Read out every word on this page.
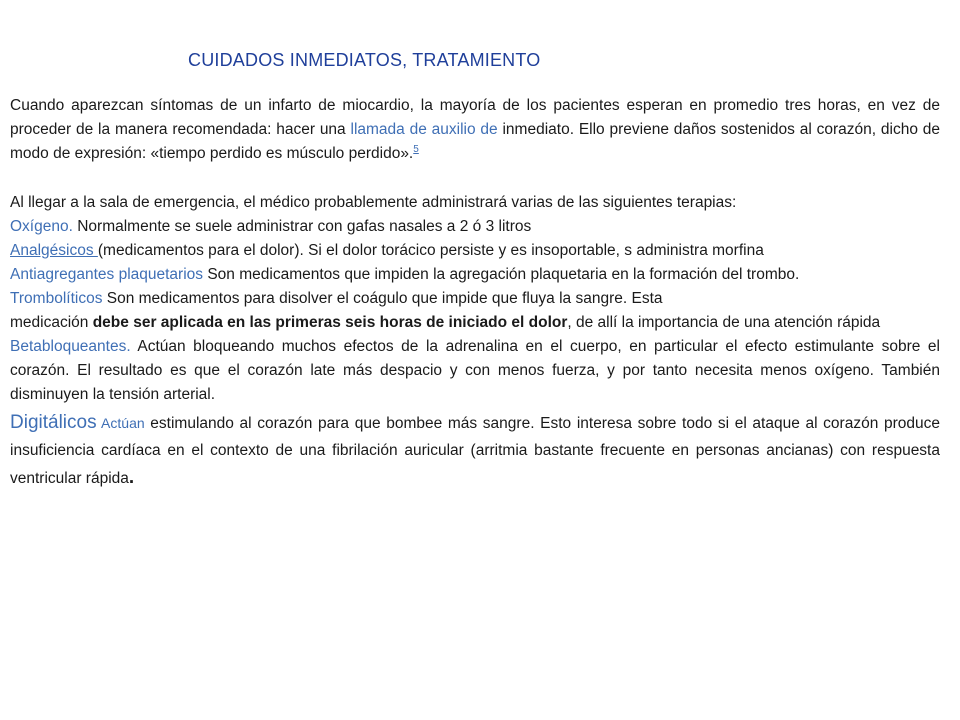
CUIDADOS INMEDIATOS, TRATAMIENTO

Cuando aparezcan síntomas de un infarto de miocardio, la mayoría de los pacientes esperan en promedio tres horas, en vez de proceder de la manera recomendada: hacer una llamada de auxilio de inmediato. Ello previene daños sostenidos al corazón, dicho de modo de expresión: «tiempo perdido es músculo perdido».$^5$

Al llegar a la sala de emergencia, el médico probablemente administrará varias de las siguientes terapias:

Oxígeno. Normalmente se suele administrar con gafas nasales a 2 ó 3 litros

Analgésicos (medicamentos para el dolor). Si el dolor torácico persiste y es insoportable, s administra morfina

Antiagregantes plaquetarios Son medicamentos que impiden la agregación plaquetaria en la formación del trombo.

Trombolíticos Son medicamentos para disolver el coágulo que impide que fluya la sangre. Esta
medicación debe ser aplicada en las primeras seis horas de iniciado el dolor, de allí la importancia de una atención rápida

Betabloqueantes. Actúan bloqueando muchos efectos de la adrenalina en el cuerpo, en particular el efecto estimulante sobre el corazón. El resultado es que el corazón late más despacio y con menos fuerza, y por tanto necesita menos oxígeno. También disminuyen la tensión arterial.

Digitálicos Actúan estimulando al corazón para que bombee más sangre. Esto interesa sobre todo si el ataque al corazón produce insuficiencia cardíaca en el contexto de una fibrilación auricular (arritmia bastante frecuente en personas ancianas) con respuesta ventricular rápida.
